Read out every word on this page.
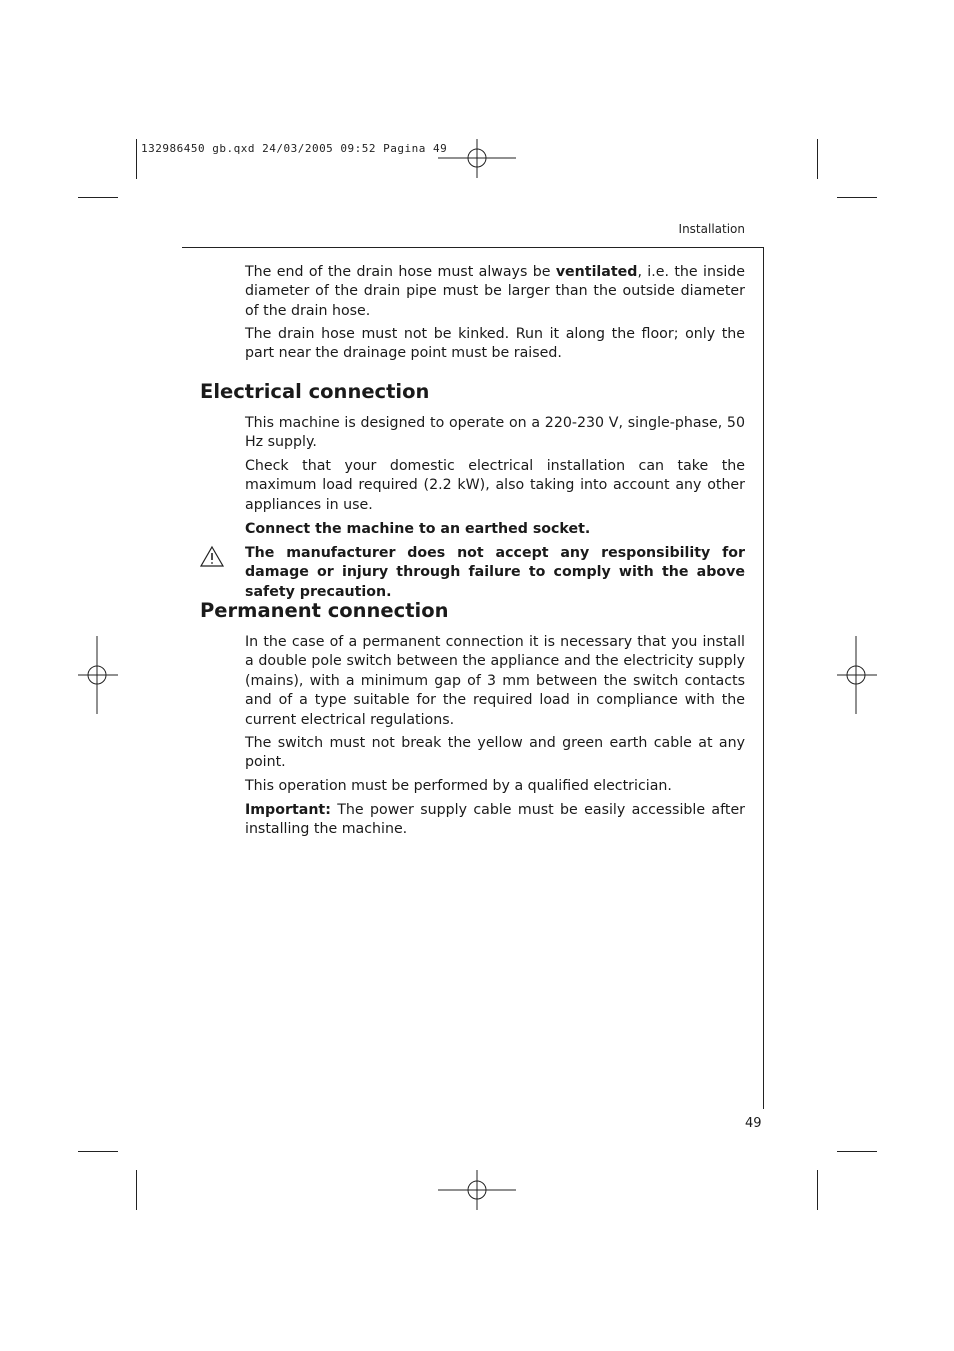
132986450 gb.qxd 24/03/2005 09:52 Pagina 49
Installation

The end of the drain hose must always be ventilated, i.e. the inside diameter of the drain pipe must be larger than the outside diameter of the drain hose.

The drain hose must not be kinked. Run it along the floor; only the part near the drainage point must be raised.

Electrical connection

This machine is designed to operate on a 220-230 V, single-phase, 50 Hz supply.

Check that your domestic electrical installation can take the maximum load required (2.2 kW), also taking into account any other appliances in use.

Connect the machine to an earthed socket.

The manufacturer does not accept any responsibility for damage or injury through failure to comply with the above safety precaution.

Permanent connection

In the case of a permanent connection it is necessary that you install a double pole switch between the appliance and the electricity supply (mains), with a minimum gap of 3 mm between the switch contacts and of a type suitable for the required load in compliance with the current electrical regulations.

The switch must not break the yellow and green earth cable at any point.

This operation must be performed by a qualified electrician.

Important: The power supply cable must be easily accessible after installing the machine.

49
